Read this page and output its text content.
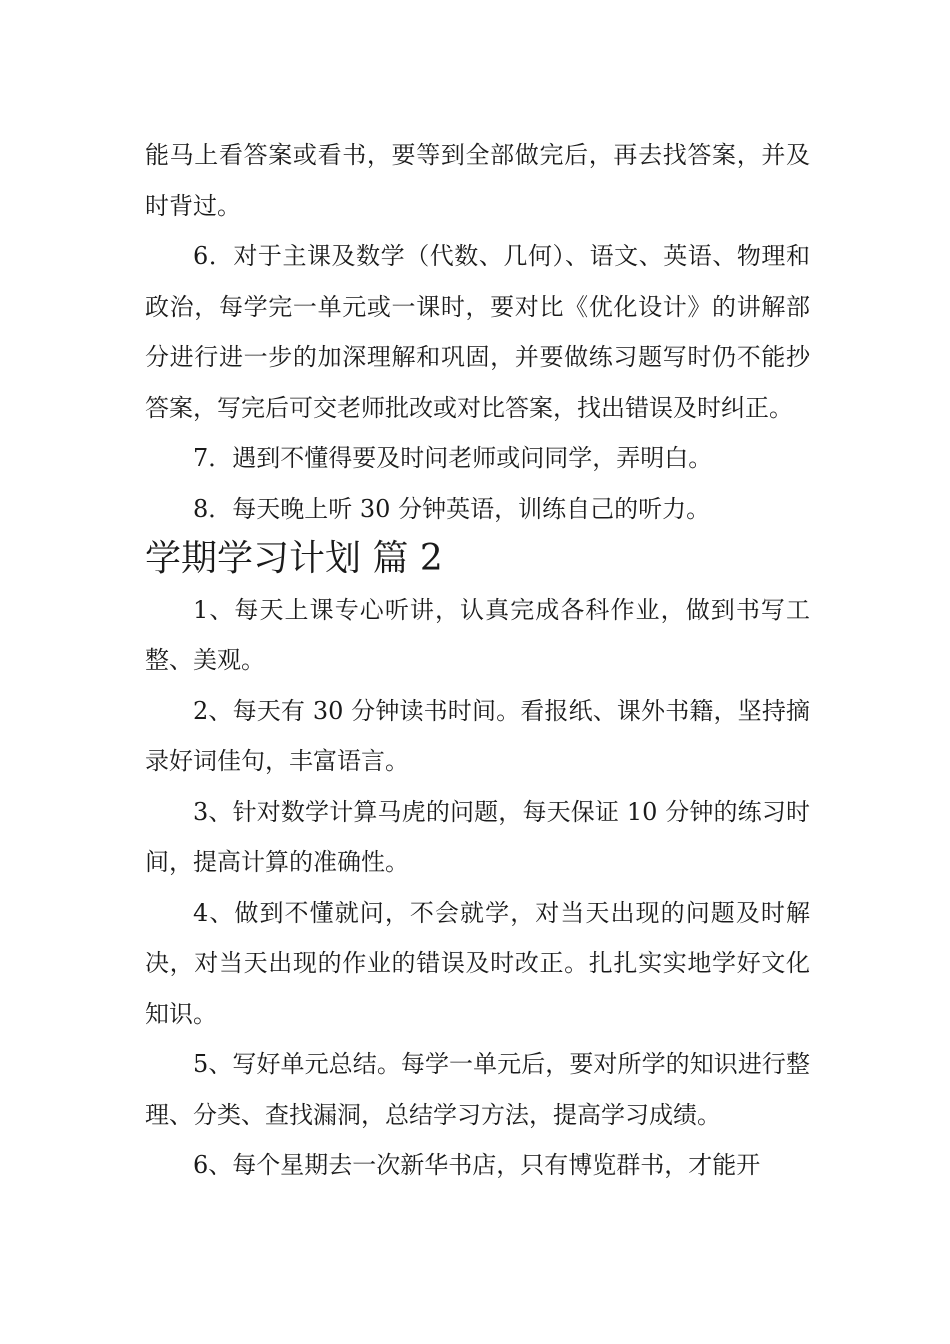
能马上看答案或看书，要等到全部做完后，再去找答案，并及时背过。

6．对于主课及数学（代数、几何）、语文、英语、物理和政治，每学完一单元或一课时，要对比《优化设计》的讲解部分进行进一步的加深理解和巩固，并要做练习题写时仍不能抄答案，写完后可交老师批改或对比答案，找出错误及时纠正。

7．遇到不懂得要及时问老师或问同学，弄明白。

8．每天晚上听 30 分钟英语，训练自己的听力。

学期学习计划 篇 2

1、每天上课专心听讲，认真完成各科作业，做到书写工整、美观。

2、每天有 30 分钟读书时间。看报纸、课外书籍，坚持摘录好词佳句，丰富语言。

3、针对数学计算马虎的问题，每天保证 10 分钟的练习时间，提高计算的准确性。

4、做到不懂就问，不会就学，对当天出现的问题及时解决，对当天出现的作业的错误及时改正。扎扎实实地学好文化知识。

5、写好单元总结。每学一单元后，要对所学的知识进行整理、分类、查找漏洞，总结学习方法，提高学习成绩。

6、每个星期去一次新华书店，只有博览群书，才能开
